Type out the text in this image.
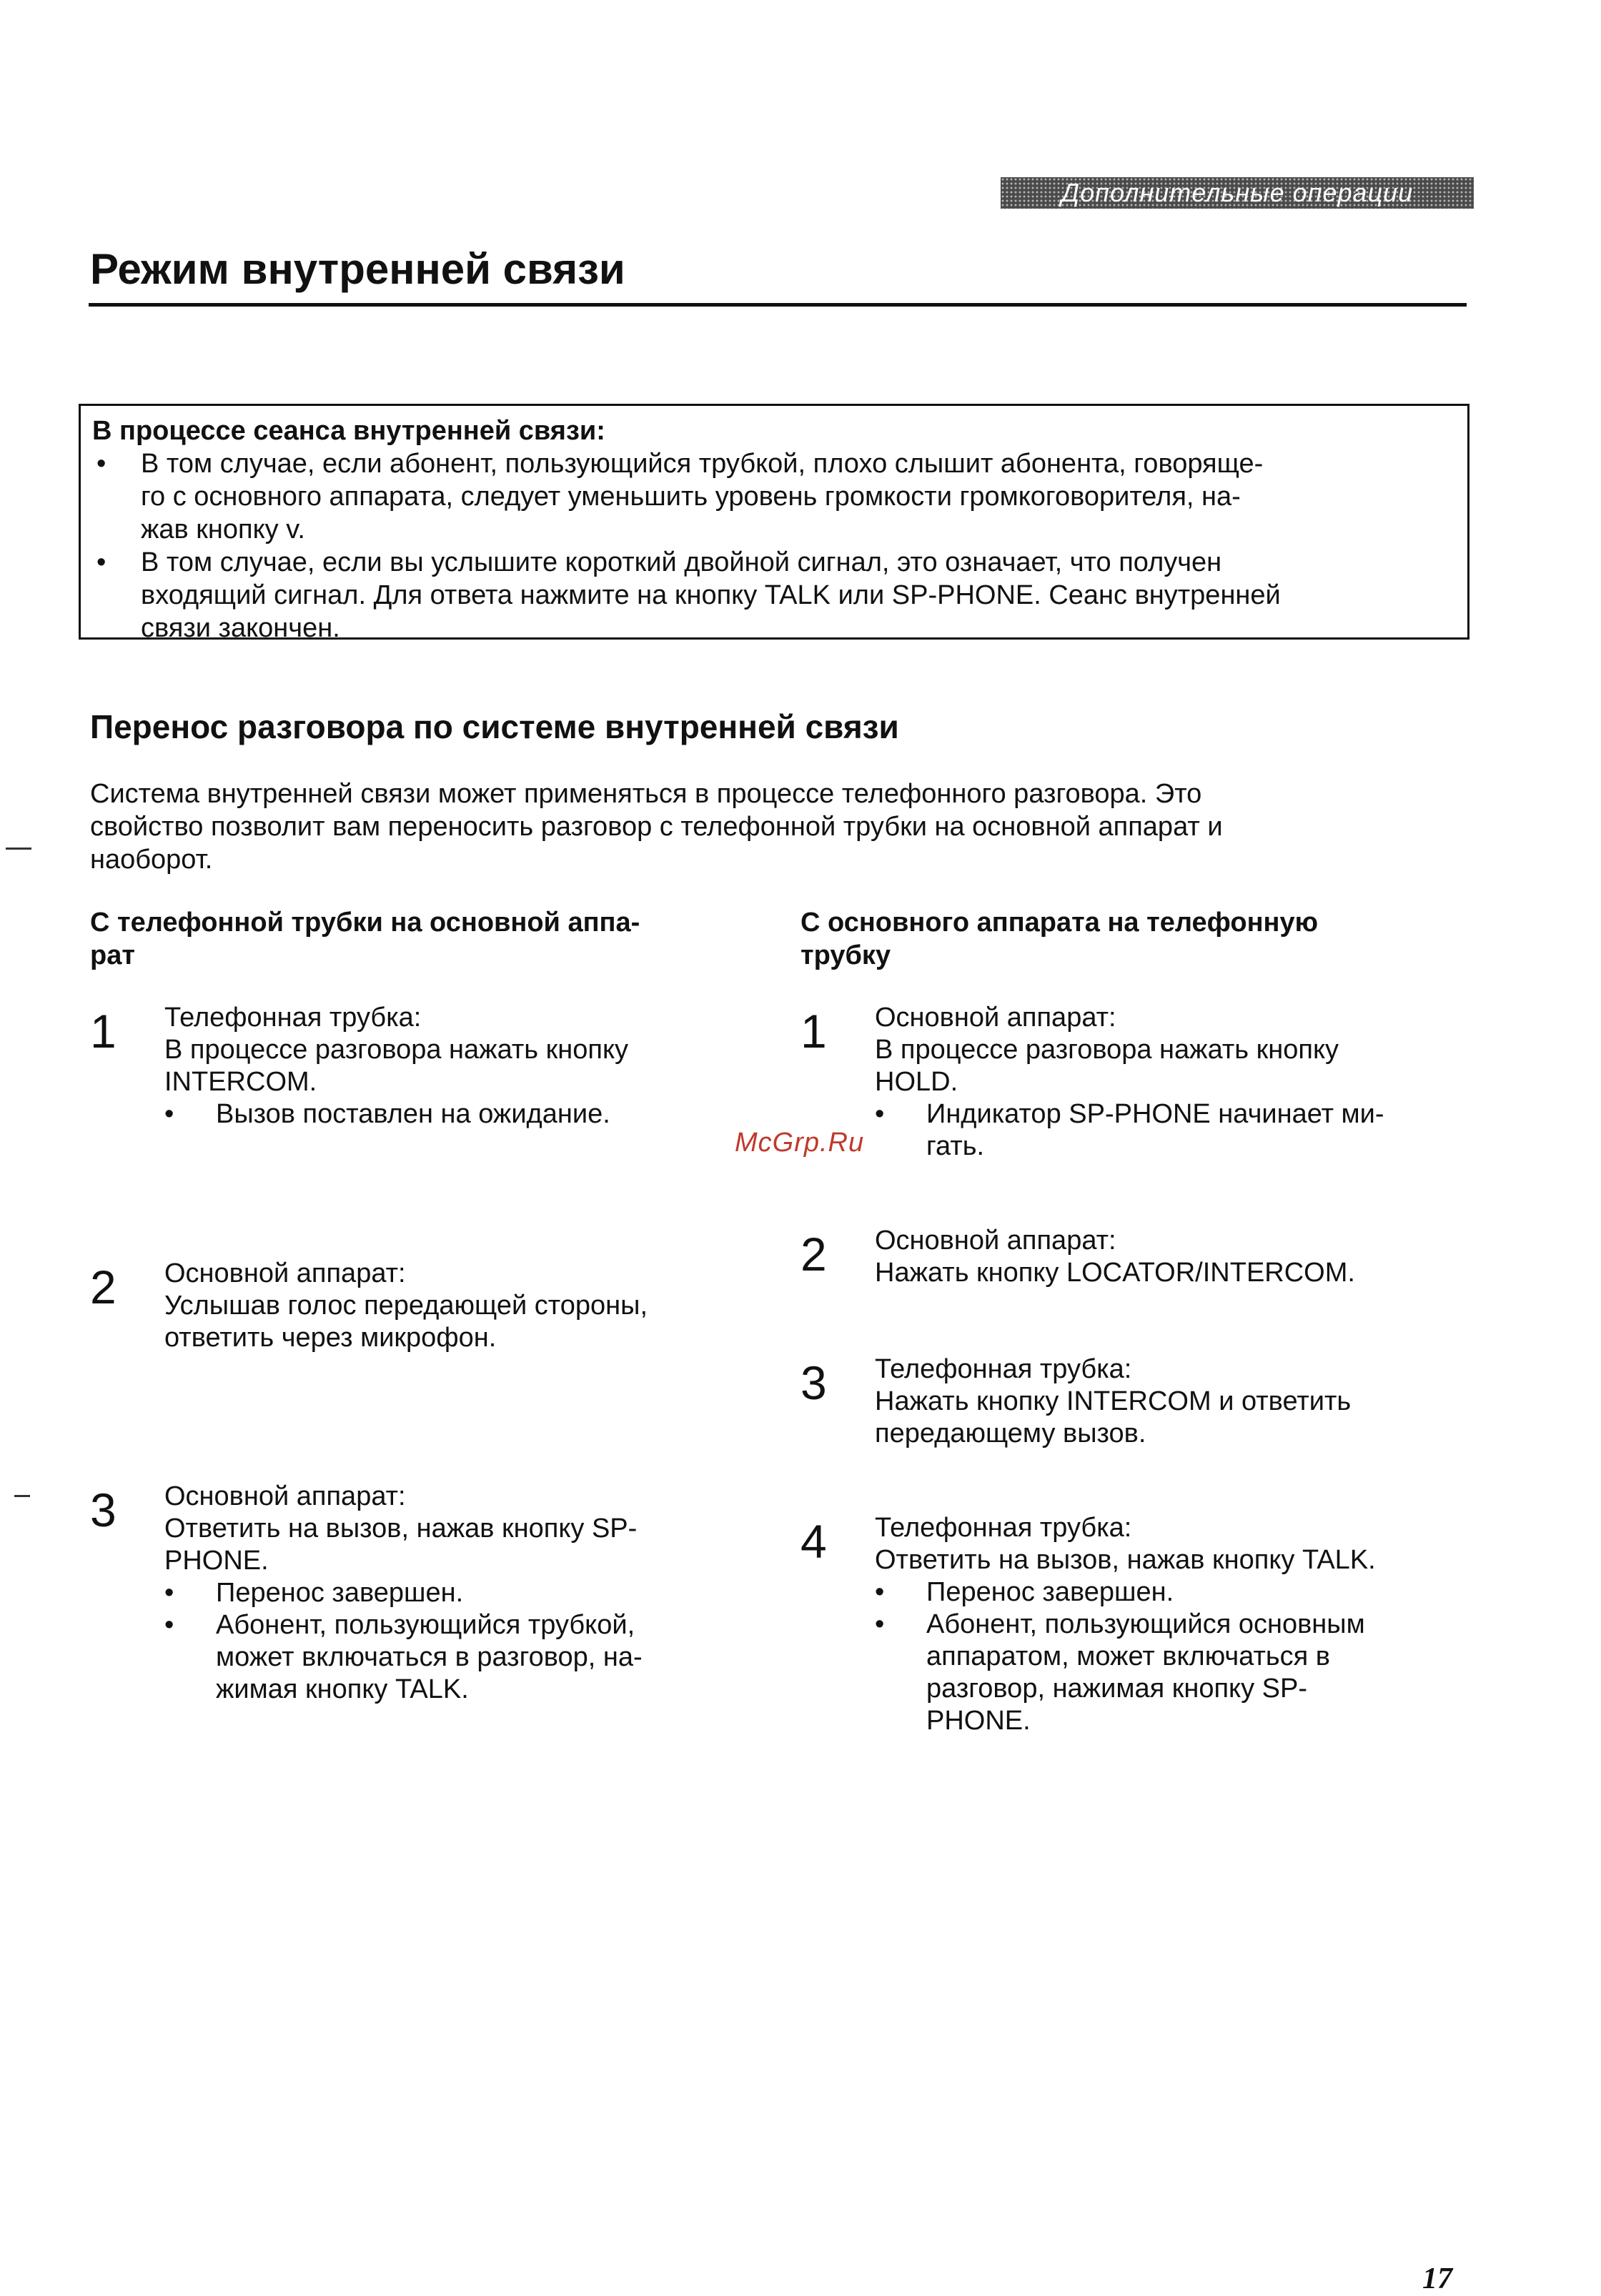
Дополнительные операции
Режим внутренней связи
В процессе сеанса внутренней связи:
• В том случае, если абонент, пользующийся трубкой, плохо слышит абонента, говоряще-
го с основного аппарата, следует уменьшить уровень громкости громкоговорителя, на-
жав кнопку v.
• В том случае, если вы услышите короткий двойной сигнал, это означает, что получен
входящий сигнал. Для ответа нажмите на кнопку TALK или SP-PHONE. Сеанс внутренней
связи закончен.
Перенос разговора по системе внутренней связи
Система внутренней связи может применяться в процессе телефонного разговора. Это
свойство позволит вам переносить разговор с телефонной трубки на основной аппарат и
наоборот.
С телефонной трубки на основной аппа-
рат
1 Телефонная трубка:
В процессе разговора нажать кнопку
INTERCOM.
• Вызов поставлен на ожидание.
2 Основной аппарат:
Услышав голос передающей стороны,
ответить через микрофон.
3 Основной аппарат:
Ответить на вызов, нажав кнопку SP-
PHONE.
• Перенос завершен.
• Абонент, пользующийся трубкой,
может включаться в разговор, на-
жимая кнопку TALK.
С основного аппарата на телефонную
трубку
1 Основной аппарат:
В процессе разговора нажать кнопку
HOLD.
• Индикатор SP-PHONE начинает ми-
гать.
2 Основной аппарат:
Нажать кнопку LOCATOR/INTERCOM.
3 Телефонная трубка:
Нажать кнопку INTERCOM и ответить
передающему вызов.
4 Телефонная трубка:
Ответить на вызов, нажав кнопку TALK.
• Перенос завершен.
• Абонент, пользующийся основным
аппаратом, может включаться в
разговор, нажимая кнопку SP-
PHONE.
McGrp.Ru
17
